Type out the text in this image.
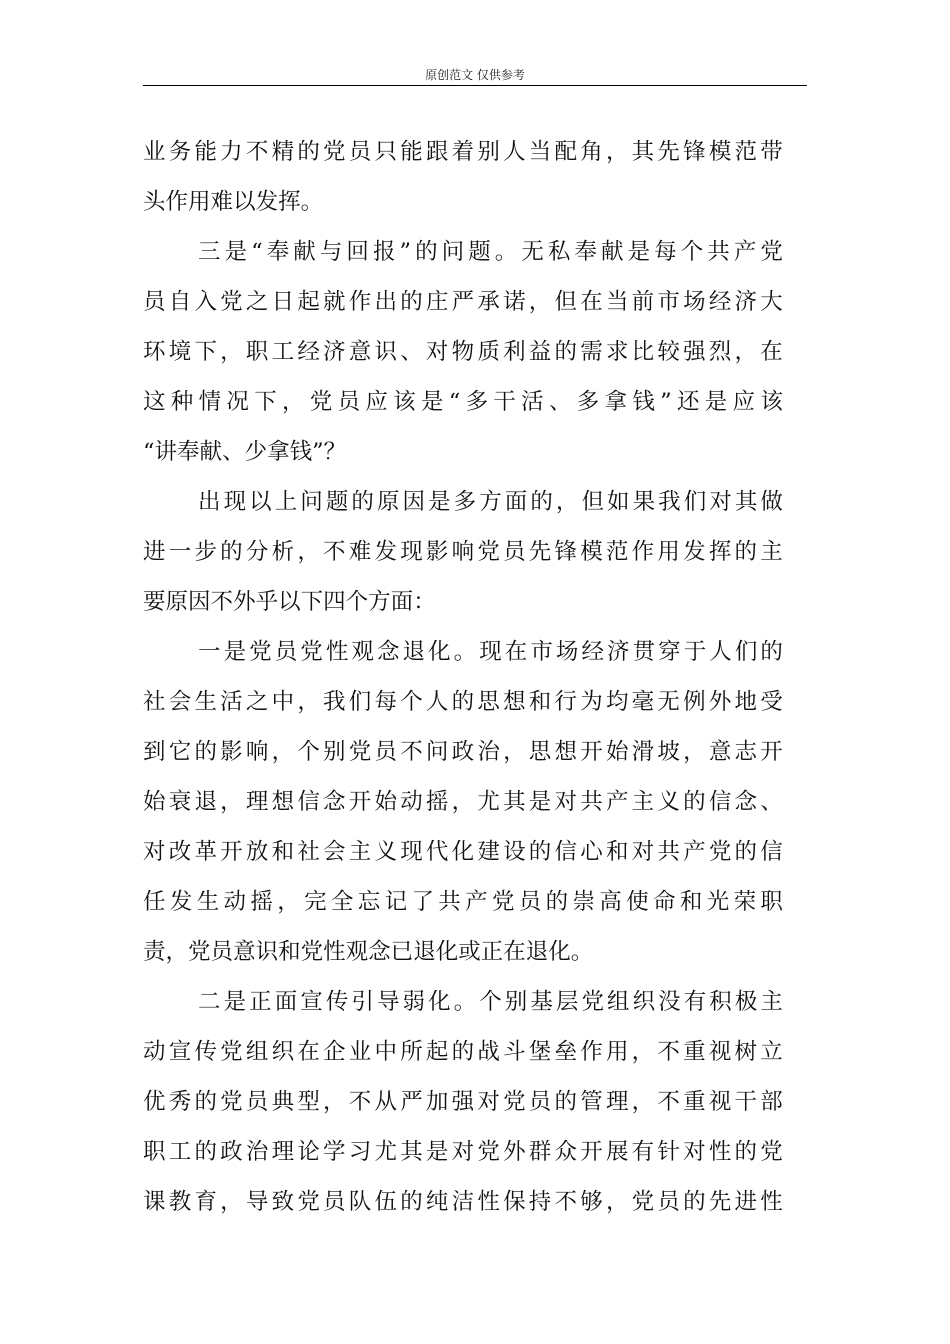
原创范文 仅供参考
业 务 能 力 不 精 的 党 员 只 能 跟 着 别 人 当 配 角 ， 其 先 锋 模 范 带
头 作 用 难 以 发 挥 。
三 是 “ 奉 献 与 回 报 ” 的 问 题 。 无 私 奉 献 是 每 个 共 产 党
员 自 入 党 之 日 起 就 作 出 的 庄 严 承 诺 ， 但 在 当 前 市 场 经 济 大
环 境 下 ， 职 工 经 济 意 识 、 对 物 质 利 益 的 需 求 比 较 强 烈 ， 在
这 种 情 况 下 ， 党 员 应 该 是 “ 多 干 活 、 多 拿 钱 ” 还 是 应 该
“ 讲 奉 献 、 少 拿 钱 ” ？
出 现 以 上 问 题 的 原 因 是 多 方 面 的 ， 但 如 果 我 们 对 其 做
进 一 步 的 分 析 ， 不 难 发 现 影 响 党 员 先 锋 模 范 作 用 发 挥 的 主
要 原 因 不 外 乎 以 下 四 个 方 面 ：
一 是 党 员 党 性 观 念 退 化 。 现 在 市 场 经 济 贯 穿 于 人 们 的
社 会 生 活 之 中 ， 我 们 每 个 人 的 思 想 和 行 为 均 毫 无 例 外 地 受
到 它 的 影 响 ， 个 别 党 员 不 问 政 治 ， 思 想 开 始 滑 坡 ， 意 志 开
始 衰 退 ， 理 想 信 念 开 始 动 摇 ， 尤 其 是 对 共 产 主 义 的 信 念 、
对 改 革 开 放 和 社 会 主 义 现 代 化 建 设 的 信 心 和 对 共 产 党 的 信
任 发 生 动 摇 ， 完 全 忘 记 了 共 产 党 员 的 崇 高 使 命 和 光 荣 职
责 ， 党 员 意 识 和 党 性 观 念 已 退 化 或 正 在 退 化 。
二 是 正 面 宣 传 引 导 弱 化 。 个 别 基 层 党 组 织 没 有 积 极 主
动 宣 传 党 组 织 在 企 业 中 所 起 的 战 斗 堡 垒 作 用 ， 不 重 视 树 立
优 秀 的 党 员 典 型 ， 不 从 严 加 强 对 党 员 的 管 理 ， 不 重 视 干 部
职 工 的 政 治 理 论 学 习 尤 其 是 对 党 外 群 众 开 展 有 针 对 性 的 党
课 教 育 ， 导 致 党 员 队 伍 的 纯 洁 性 保 持 不 够 ， 党 员 的 先 进 性
